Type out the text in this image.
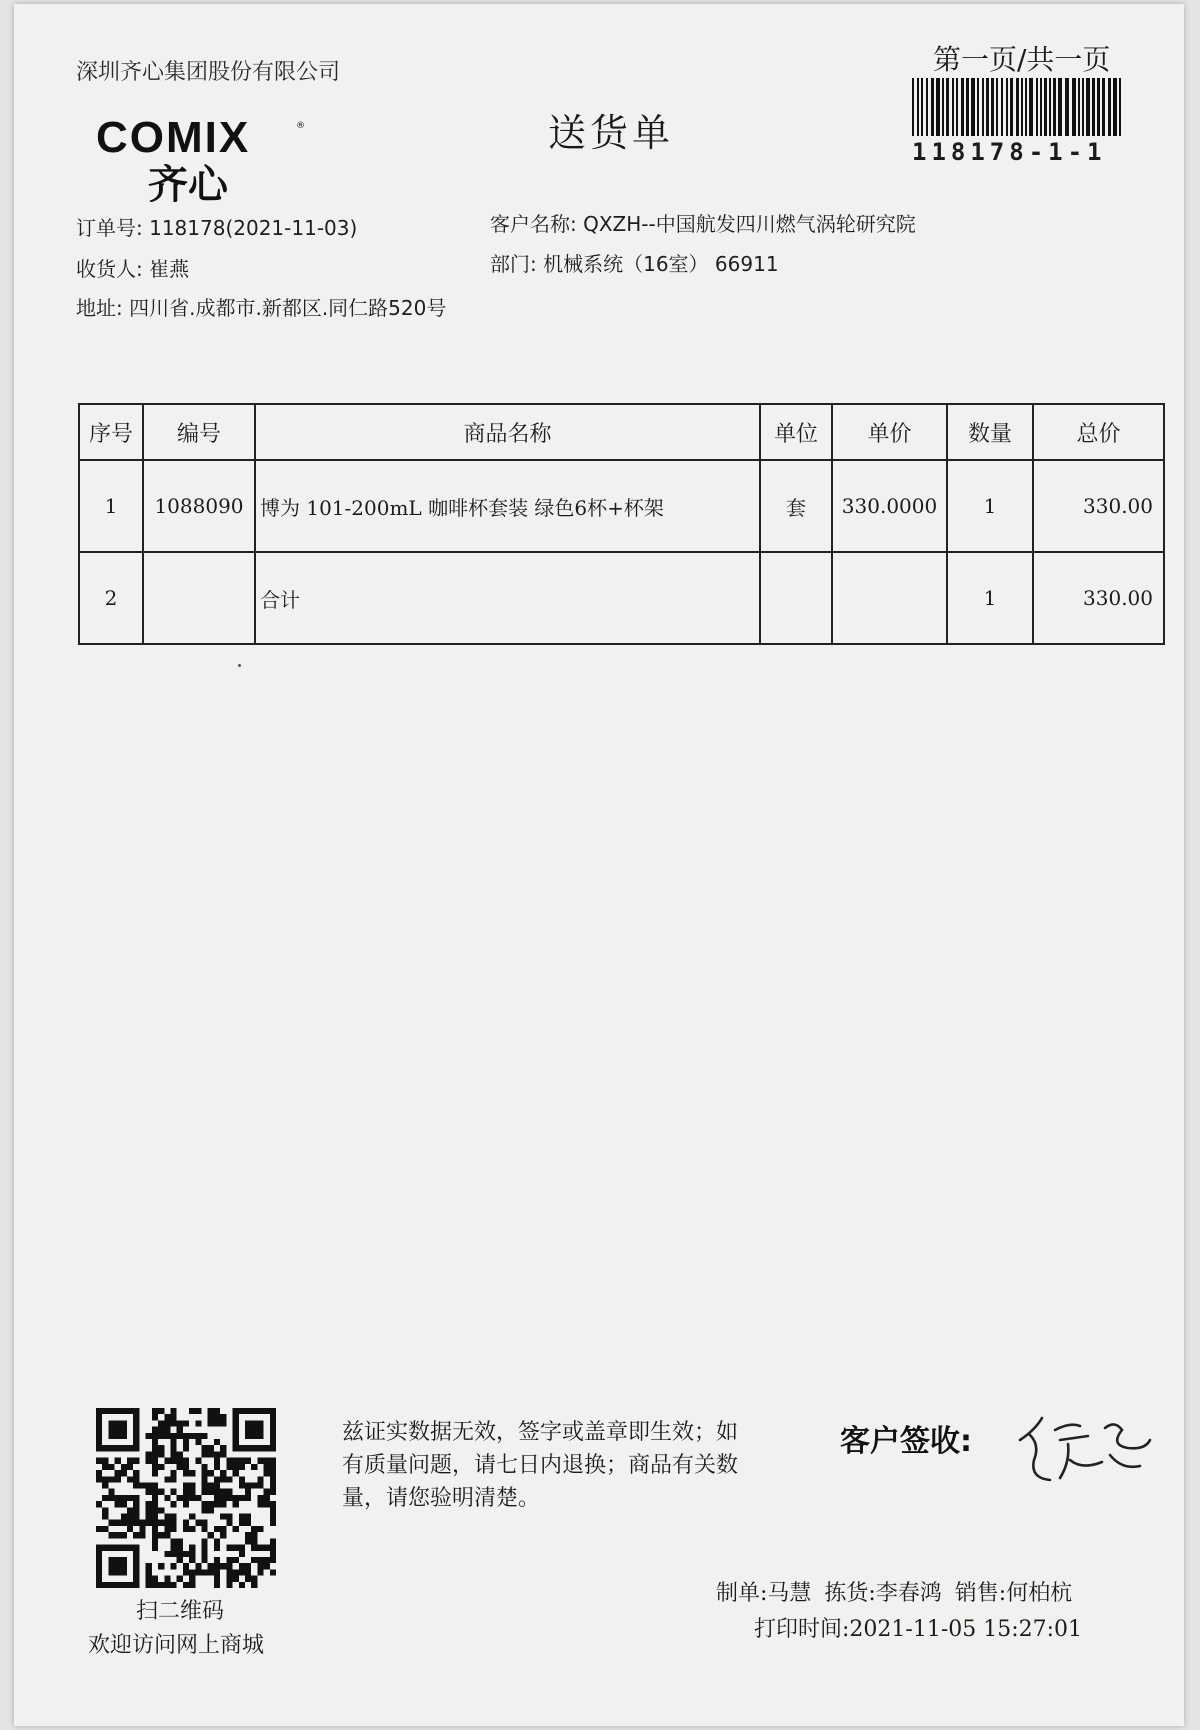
深圳齐心集团股份有限公司
COMIX	®
齐心
送货单
第一页/共一页
118178-1-1
订单号: 118178(2021-11-03)	客户名称: QXZH--中国航发四川燃气涡轮研究院
收货人: 崔燕	部门: 机械系统（16室） 66911
地址: 四川省.成都市.新都区.同仁路520号
序号	编号	商品名称	单位	单价	数量	总价
1	1088090	博为 101-200mL 咖啡杯套装 绿色6杯+杯架	套	330.0000	1	330.00
2		合计			1	330.00
扫二维码
欢迎访问网上商城
兹证实数据无效，签字或盖章即生效；如有质量问题，请七日内退换；商品有关数量，请您验明清楚。
客户签收:
制单:马慧 拣货:李春鸿 销售:何柏杭
打印时间:2021-11-05 15:27:01
